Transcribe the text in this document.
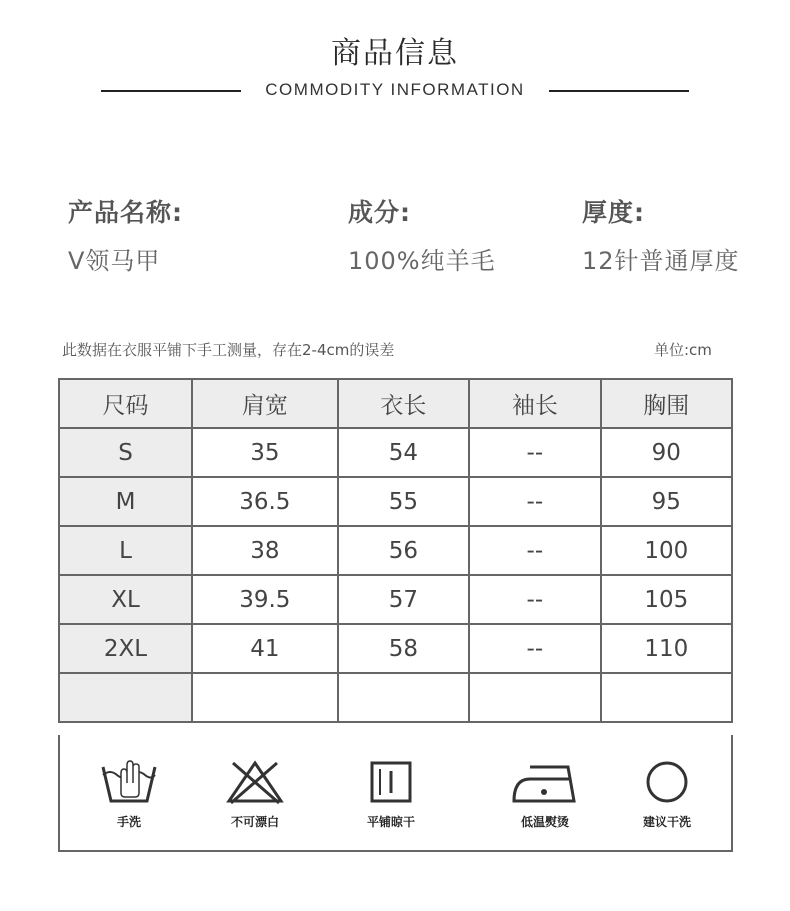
商品信息
COMMODITY INFORMATION
产品名称:
V领马甲
成分:
100%纯羊毛
厚度:
12针普通厚度
此数据在衣服平铺下手工测量，存在2-4cm的误差	单位:cm
尺码	肩宽	衣长	袖长	胸围
S	35	54	--	90
M	36.5	55	--	95
L	38	56	--	100
XL	39.5	57	--	105
2XL	41	58	--	110

手洗	不可漂白	平铺晾干	低温熨烫	建议干洗
